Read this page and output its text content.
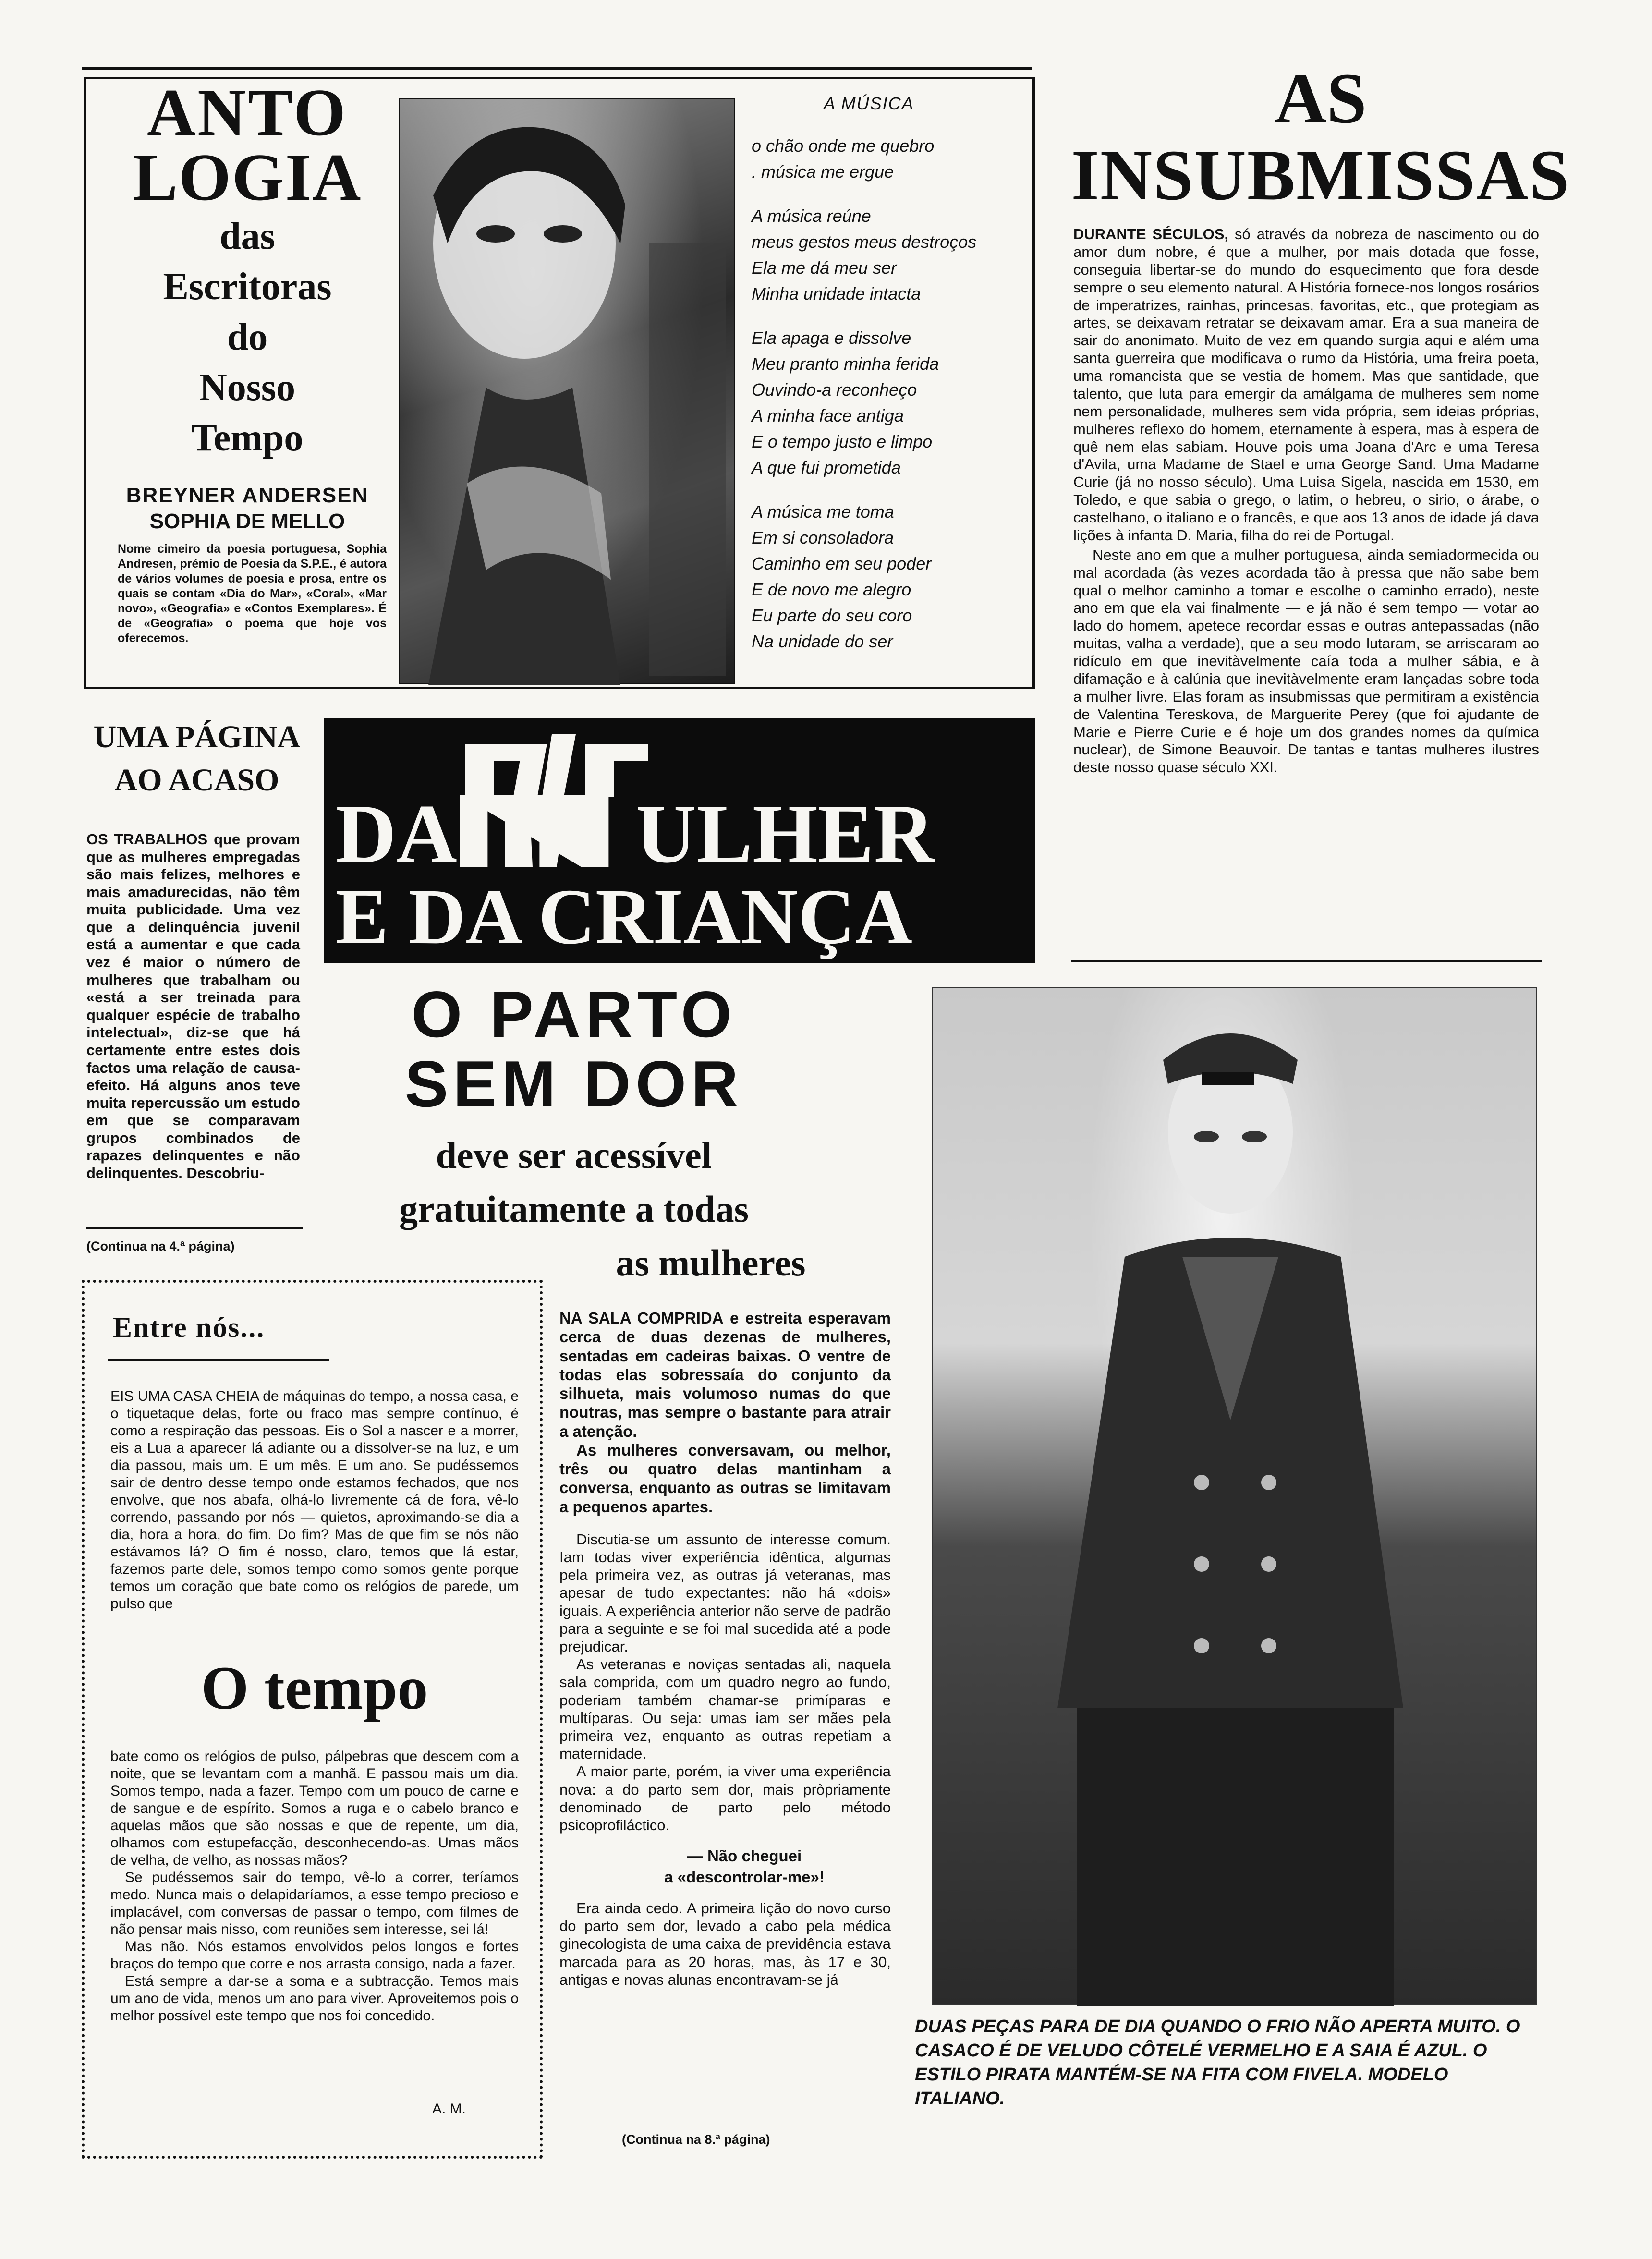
ANTO
LOGIA
das
Escritoras
do
Nosso
Tempo
BREYNER ANDERSEN
SOPHIA DE MELLO
Nome cimeiro da poesia portuguesa, Sophia Andresen, prémio de Poesia da S.P.E., é autora de vários volumes de poesia e prosa, entre os quais se contam «Dia do Mar», «Coral», «Mar novo», «Geografia» e «Contos Exemplares». É de «Geografia» o poema que hoje vos oferecemos.
A MÚSICA
o chão onde me quebro
. música me ergue
A música reúne
meus gestos meus destroços
Ela me dá meu ser
Minha unidade intacta
Ela apaga e dissolve
Meu pranto minha ferida
Ouvindo-a reconheço
A minha face antiga
E o tempo justo e limpo
A que fui prometida
A música me toma
Em si consoladora
Caminho em seu poder
E de novo me alegro
Eu parte do seu coro
Na unidade do ser
AS
INSUBMISSAS

DURANTE SÉCULOS, só através da nobreza de nascimento ou do amor dum nobre, é que a mulher, por mais dotada que fosse, conseguia libertar-se do mundo do esquecimento que fora desde sempre o seu elemento natural. A História fornece-nos longos rosários de imperatrizes, rainhas, princesas, favoritas, etc., que protegiam as artes, se deixavam retratar se deixavam amar. Era a sua maneira de sair do anonimato. Muito de vez em quando surgia aqui e além uma santa guerreira que modificava o rumo da História, uma freira poeta, uma romancista que se vestia de homem. Mas que santidade, que talento, que luta para emergir da amálgama de mulheres sem nome nem personalidade, mulheres sem vida própria, sem ideias próprias, mulheres reflexo do homem, eternamente à espera, mas à espera de quê nem elas sabiam. Houve pois uma Joana d'Arc e uma Teresa d'Avila, uma Madame de Stael e uma George Sand. Uma Madame Curie (já no nosso século). Uma Luisa Sigela, nascida em 1530, em Toledo, e que sabia o grego, o latim, o hebreu, o sirio, o árabe, o castelhano, o italiano e o francês, e que aos 13 anos de idade já dava lições à infanta D. Maria, filha do rei de Portugal.

Neste ano em que a mulher portuguesa, ainda semiadormecida ou mal acordada (às vezes acordada tão à pressa que não sabe bem qual o melhor caminho a tomar e escolhe o caminho errado), neste ano em que ela vai finalmente — e já não é sem tempo — votar ao lado do homem, apetece recordar essas e outras antepassadas (não muitas, valha a verdade), que a seu modo lutaram, se arriscaram ao ridículo em que inevitàvelmente caía toda a mulher sábia, e à difamação e à calúnia que inevitàvelmente eram lançadas sobre toda a mulher livre. Elas foram as insubmissas que permitiram a existência de Valentina Tereskova, de Marguerite Perey (que foi ajudante de Marie e Pierre Curie e é hoje um dos grandes nomes da química nuclear), de Simone Beauvoir. De tantas e tantas mulheres ilustres deste nosso quase século XXI.

UMA PÁGINA
AO ACASO

OS TRABALHOS que provam que as mulheres empregadas são mais felizes, melhores e mais amadurecidas, não têm muita publicidade. Uma vez que a delinquência juvenil está a aumentar e que cada vez é maior o número de mulheres que trabalham ou «está a ser treinada para qualquer espécie de trabalho intelectual», diz-se que há certamente entre estes dois factos uma relação de causa-efeito. Há alguns anos teve muita repercussão um estudo em que se comparavam grupos combinados de rapazes delinquentes e não delinquentes. Descobriu-

(Continua na 4.ª página)
DA ULHER
E DA CRIANÇA
O PARTO
SEM DOR
deve ser acessível
gratuitamente a todas
as mulheres

NA SALA COMPRIDA e estreita esperavam cerca de duas dezenas de mulheres, sentadas em cadeiras baixas. O ventre de todas elas sobressaía do conjunto da silhueta, mais volumoso numas do que noutras, mas sempre o bastante para atrair a atenção.

As mulheres conversavam, ou melhor, três ou quatro delas mantinham a conversa, enquanto as outras se limitavam a pequenos apartes.

Discutia-se um assunto de interesse comum. Iam todas viver experiência idêntica, algumas pela primeira vez, as outras já veteranas, mas apesar de tudo expectantes: não há «dois» iguais. A experiência anterior não serve de padrão para a seguinte e se foi mal sucedida até a pode prejudicar.

As veteranas e noviças sentadas ali, naquela sala comprida, com um quadro negro ao fundo, poderiam também chamar-se primíparas e multíparas. Ou seja: umas iam ser mães pela primeira vez, enquanto as outras repetiam a maternidade.

A maior parte, porém, ia viver uma experiência nova: a do parto sem dor, mais pròpriamente denominado de parto pelo método psicoprofiláctico.

— Não cheguei
a «descontrolar-me»!

Era ainda cedo. A primeira lição do novo curso do parto sem dor, levado a cabo pela médica ginecologista de uma caixa de previdência estava marcada para as 20 horas, mas, às 17 e 30, antigas e novas alunas encontravam-se já

(Continua na 8.ª página)
Entre nós...

EIS UMA CASA CHEIA de máquinas do tempo, a nossa casa, e o tiquetaque delas, forte ou fraco mas sempre contínuo, é como a respiração das pessoas. Eis o Sol a nascer e a morrer, eis a Lua a aparecer lá adiante ou a dissolver-se na luz, e um dia passou, mais um. E um mês. E um ano. Se pudéssemos sair de dentro desse tempo onde estamos fechados, que nos envolve, que nos abafa, olhá-lo livremente cá de fora, vê-lo correndo, passando por nós — quietos, aproximando-se dia a dia, hora a hora, do fim. Do fim? Mas de que fim se nós não estávamos lá? O fim é nosso, claro, temos que lá estar, fazemos parte dele, somos tempo como somos gente porque temos um coração que bate como os relógios de parede, um pulso que

O tempo

bate como os relógios de pulso, pálpebras que descem com a noite, que se levantam com a manhã. E passou mais um dia. Somos tempo, nada a fazer. Tempo com um pouco de carne e de sangue e de espírito. Somos a ruga e o cabelo branco e aquelas mãos que são nossas e que de repente, um dia, olhamos com estupefacção, desconhecendo-as. Umas mãos de velha, de velho, as nossas mãos?

Se pudéssemos sair do tempo, vê-lo a correr, teríamos medo. Nunca mais o delapidaríamos, a esse tempo precioso e implacável, com conversas de passar o tempo, com filmes de não pensar mais nisso, com reuniões sem interesse, sei lá!

Mas não. Nós estamos envolvidos pelos longos e fortes braços do tempo que corre e nos arrasta consigo, nada a fazer.

Está sempre a dar-se a soma e a subtracção. Temos mais um ano de vida, menos um ano para viver. Aproveitemos pois o melhor possível este tempo que nos foi concedido.

A. M.
DUAS PEÇAS PARA DE DIA QUANDO O FRIO NÃO APERTA MUITO. O CASACO É DE VELUDO CÔTELÉ VERMELHO E A SAIA É AZUL. O ESTILO PIRATA MANTÉM-SE NA FITA COM FIVELA. MODELO ITALIANO.
